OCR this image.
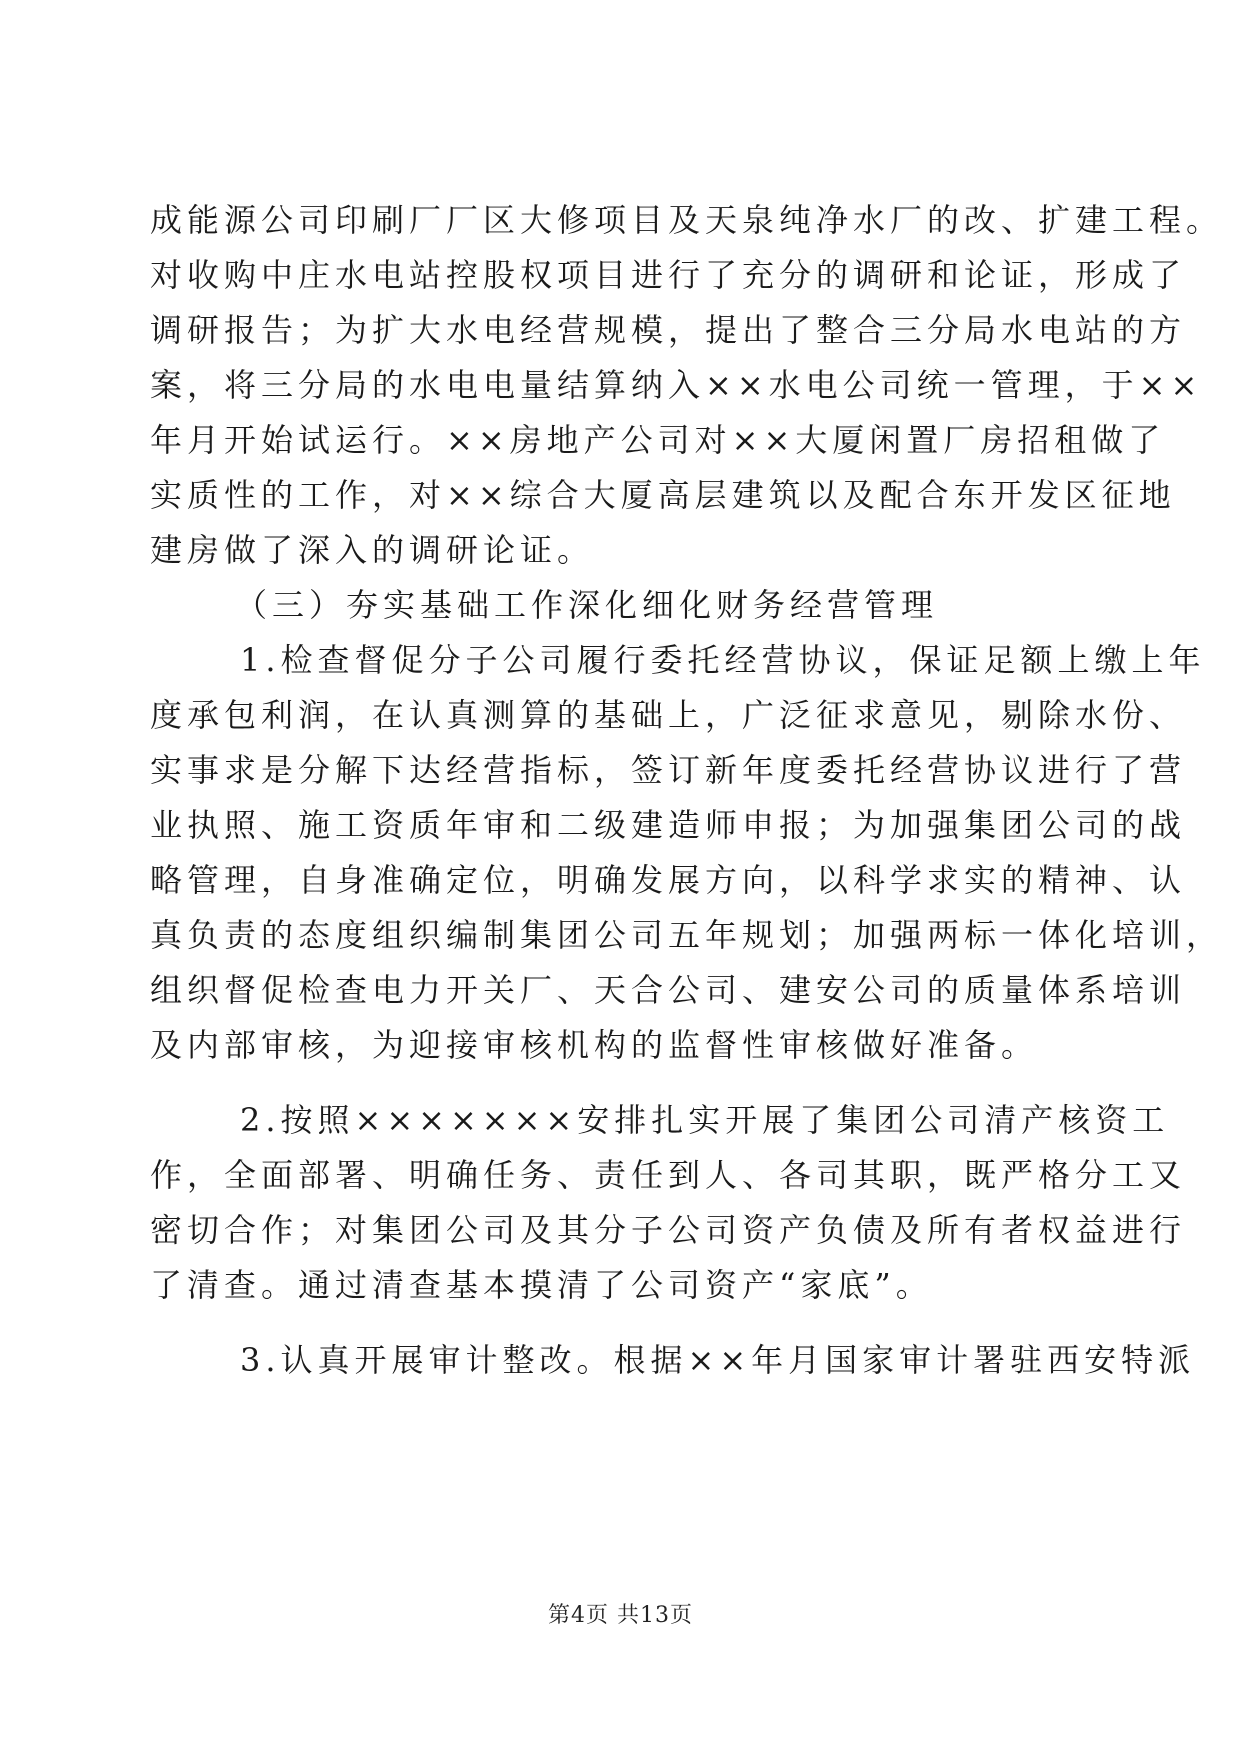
成能源公司印刷厂厂区大修项目及天泉纯净水厂的改、扩建工程。
对收购中庄水电站控股权项目进行了充分的调研和论证，形成了
调研报告；为扩大水电经营规模，提出了整合三分局水电站的方
案，将三分局的水电电量结算纳入××水电公司统一管理，于××
年月开始试运行。××房地产公司对××大厦闲置厂房招租做了
实质性的工作，对××综合大厦高层建筑以及配合东开发区征地
建房做了深入的调研论证。
（三）夯实基础工作深化细化财务经营管理
1.检查督促分子公司履行委托经营协议，保证足额上缴上年
度承包利润，在认真测算的基础上，广泛征求意见，剔除水份、
实事求是分解下达经营指标，签订新年度委托经营协议进行了营
业执照、施工资质年审和二级建造师申报；为加强集团公司的战
略管理，自身准确定位，明确发展方向，以科学求实的精神、认
真负责的态度组织编制集团公司五年规划；加强两标一体化培训，
组织督促检查电力开关厂、天合公司、建安公司的质量体系培训
及内部审核，为迎接审核机构的监督性审核做好准备。
2.按照×××××××安排扎实开展了集团公司清产核资工
作，全面部署、明确任务、责任到人、各司其职，既严格分工又
密切合作；对集团公司及其分子公司资产负债及所有者权益进行
了清查。通过清查基本摸清了公司资产“家底”。
3.认真开展审计整改。根据××年月国家审计署驻西安特派
第4页 共13页
